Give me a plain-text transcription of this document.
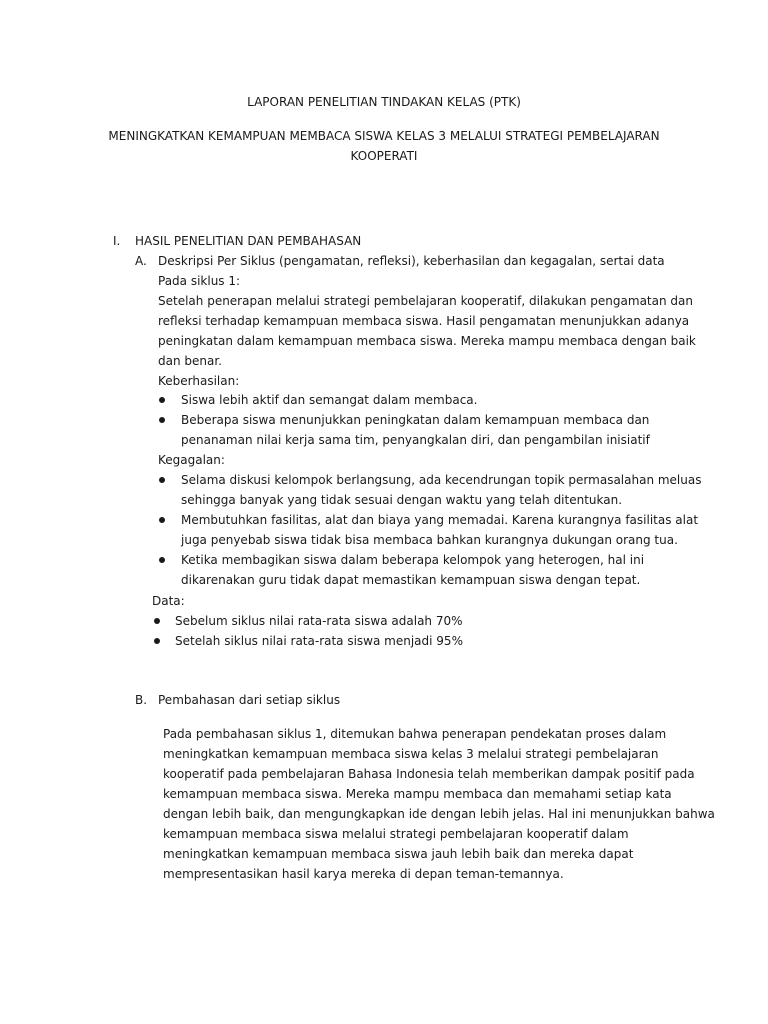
LAPORAN PENELITIAN TINDAKAN KELAS (PTK)
MENINGKATKAN KEMAMPUAN MEMBACA SISWA KELAS 3 MELALUI STRATEGI PEMBELAJARAN
KOOPERATI
I. HASIL PENELITIAN DAN PEMBAHASAN
A. Deskripsi Per Siklus (pengamatan, refleksi), keberhasilan dan kegagalan, sertai data
Pada siklus 1:
Setelah penerapan melalui strategi pembelajaran kooperatif, dilakukan pengamatan dan
refleksi terhadap kemampuan membaca siswa. Hasil pengamatan menunjukkan adanya
peningkatan dalam kemampuan membaca siswa. Mereka mampu membaca dengan baik
dan benar.
Keberhasilan:
Siswa lebih aktif dan semangat dalam membaca.
Beberapa siswa menunjukkan peningkatan dalam kemampuan membaca dan
penanaman nilai kerja sama tim, penyangkalan diri, dan pengambilan inisiatif
Kegagalan:
Selama diskusi kelompok berlangsung, ada kecendrungan topik permasalahan meluas
sehingga banyak yang tidak sesuai dengan waktu yang telah ditentukan.
Membutuhkan fasilitas, alat dan biaya yang memadai. Karena kurangnya fasilitas alat
juga penyebab siswa tidak bisa membaca bahkan kurangnya dukungan orang tua.
Ketika membagikan siswa dalam beberapa kelompok yang heterogen, hal ini
dikarenakan guru tidak dapat memastikan kemampuan siswa dengan tepat.
Data:
Sebelum siklus nilai rata-rata siswa adalah 70%
Setelah siklus nilai rata-rata siswa menjadi 95%
B. Pembahasan dari setiap siklus
Pada pembahasan siklus 1, ditemukan bahwa penerapan pendekatan proses dalam
meningkatkan kemampuan membaca siswa kelas 3 melalui strategi pembelajaran
kooperatif pada pembelajaran Bahasa Indonesia telah memberikan dampak positif pada
kemampuan membaca siswa. Mereka mampu membaca dan memahami setiap kata
dengan lebih baik, dan mengungkapkan ide dengan lebih jelas. Hal ini menunjukkan bahwa
kemampuan membaca siswa melalui strategi pembelajaran kooperatif dalam
meningkatkan kemampuan membaca siswa jauh lebih baik dan mereka dapat
mempresentasikan hasil karya mereka di depan teman-temannya.
